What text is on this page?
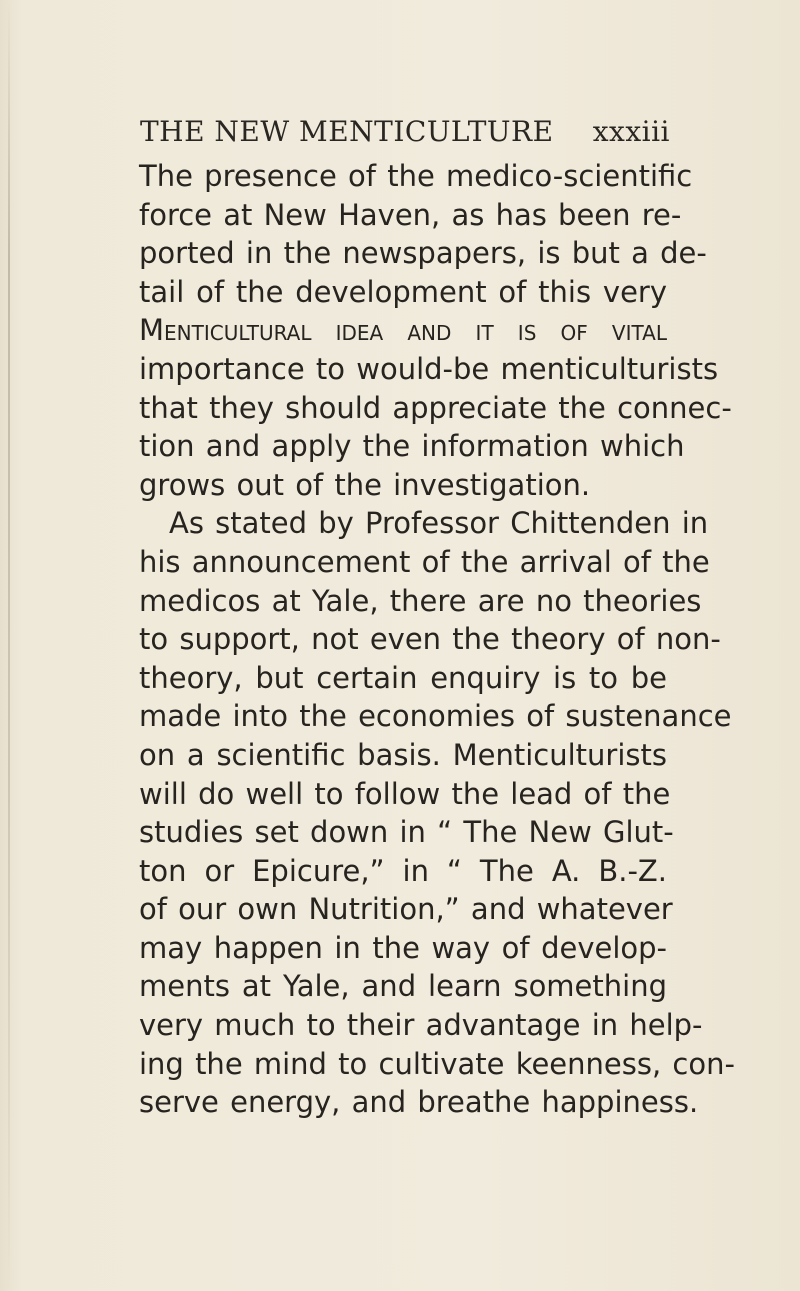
THE NEW MENTICULTURE xxxiii
The presence of the medico-scientific
force at New Haven, as has been re-
ported in the newspapers, is but a de-
tail of the development of this very
Menticultural idea and it is of vital
importance to would-be menticulturists
that they should appreciate the connec-
tion and apply the information which
grows out of the investigation.
As stated by Professor Chittenden in
his announcement of the arrival of the
medicos at Yale, there are no theories
to support, not even the theory of non-
theory, but certain enquiry is to be
made into the economies of sustenance
on a scientific basis. Menticulturists
will do well to follow the lead of the
studies set down in “ The New Glut-
ton or Epicure,” in “ The A. B.-Z.
of our own Nutrition,” and whatever
may happen in the way of develop-
ments at Yale, and learn something
very much to their advantage in help-
ing the mind to cultivate keenness, con-
serve energy, and breathe happiness.
